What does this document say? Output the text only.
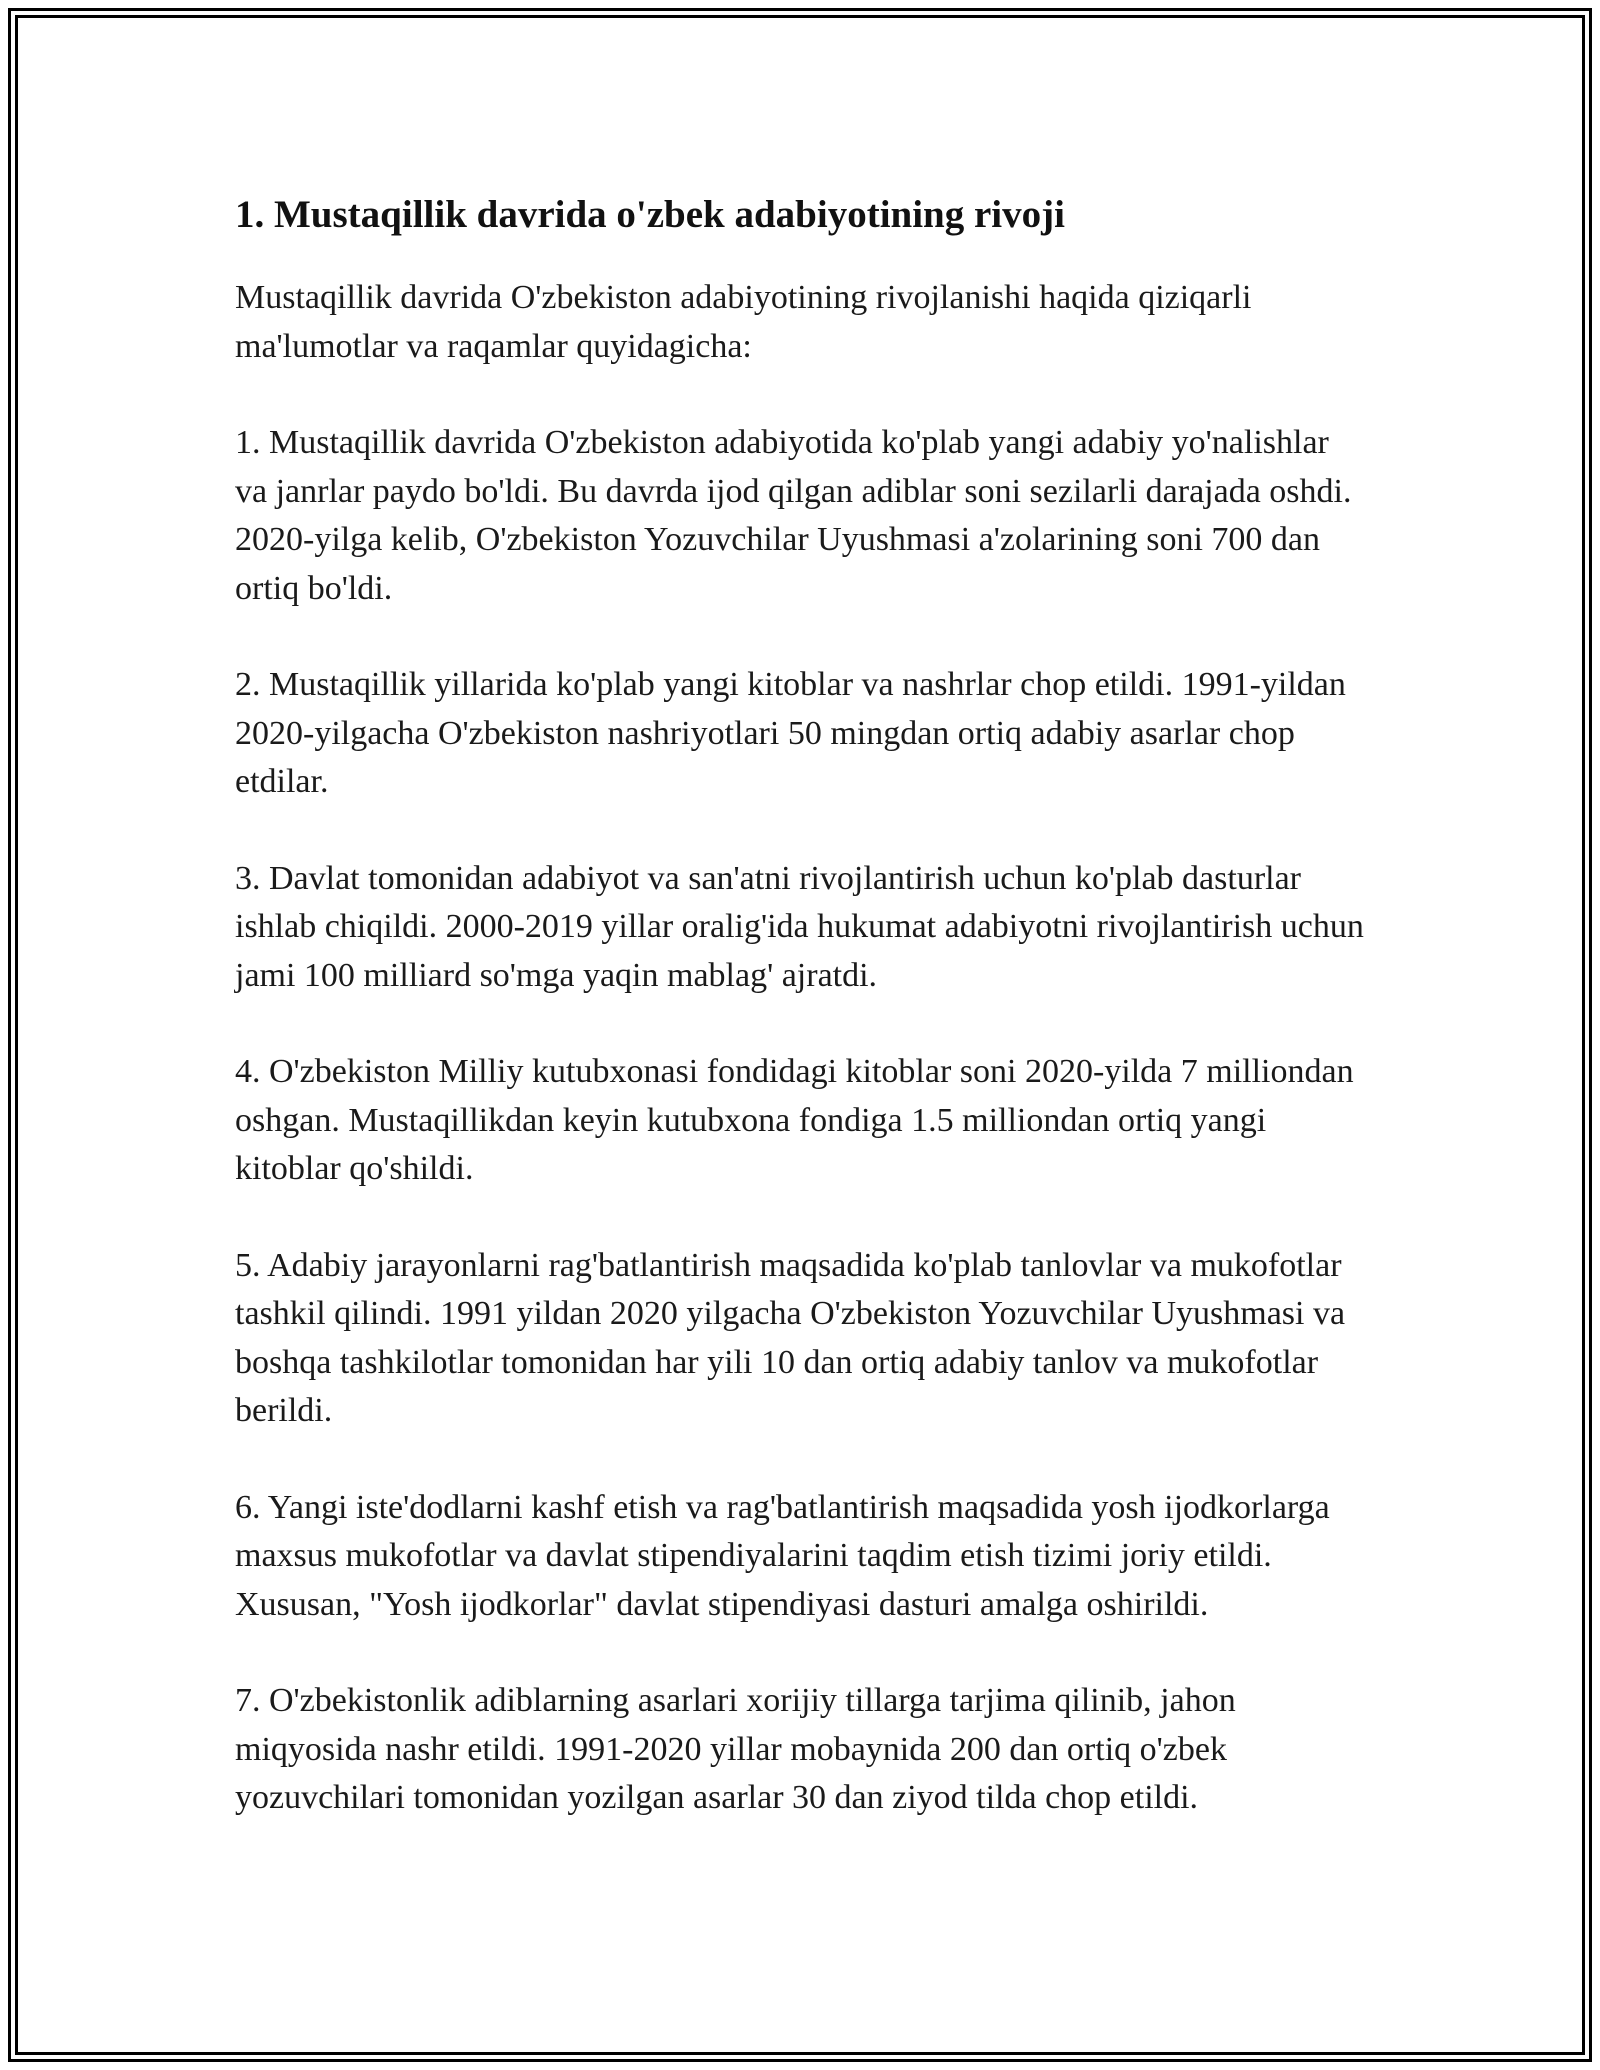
1. Mustaqillik davrida o'zbek adabiyotining rivoji

Mustaqillik davrida O'zbekiston adabiyotining rivojlanishi haqida qiziqarli ma'lumotlar va raqamlar quyidagicha:

1. Mustaqillik davrida O'zbekiston adabiyotida ko'plab yangi adabiy yo'nalishlar va janrlar paydo bo'ldi. Bu davrda ijod qilgan adiblar soni sezilarli darajada oshdi. 2020-yilga kelib, O'zbekiston Yozuvchilar Uyushmasi a'zolarining soni 700 dan ortiq bo'ldi.

2. Mustaqillik yillarida ko'plab yangi kitoblar va nashrlar chop etildi. 1991-yildan 2020-yilgacha O'zbekiston nashriyotlari 50 mingdan ortiq adabiy asarlar chop etdilar.

3. Davlat tomonidan adabiyot va san'atni rivojlantirish uchun ko'plab dasturlar ishlab chiqildi. 2000-2019 yillar oralig'ida hukumat adabiyotni rivojlantirish uchun jami 100 milliard so'mga yaqin mablag' ajratdi.

4. O'zbekiston Milliy kutubxonasi fondidagi kitoblar soni 2020-yilda 7 milliondan oshgan. Mustaqillikdan keyin kutubxona fondiga 1.5 milliondan ortiq yangi kitoblar qo'shildi.

5. Adabiy jarayonlarni rag'batlantirish maqsadida ko'plab tanlovlar va mukofotlar tashkil qilindi. 1991 yildan 2020 yilgacha O'zbekiston Yozuvchilar Uyushmasi va boshqa tashkilotlar tomonidan har yili 10 dan ortiq adabiy tanlov va mukofotlar berildi.

6. Yangi iste'dodlarni kashf etish va rag'batlantirish maqsadida yosh ijodkorlarga maxsus mukofotlar va davlat stipendiyalarini taqdim etish tizimi joriy etildi. Xususan, "Yosh ijodkorlar" davlat stipendiyasi dasturi amalga oshirildi.

7. O'zbekistonlik adiblarning asarlari xorijiy tillarga tarjima qilinib, jahon miqyosida nashr etildi. 1991-2020 yillar mobaynida 200 dan ortiq o'zbek yozuvchilari tomonidan yozilgan asarlar 30 dan ziyod tilda chop etildi.
